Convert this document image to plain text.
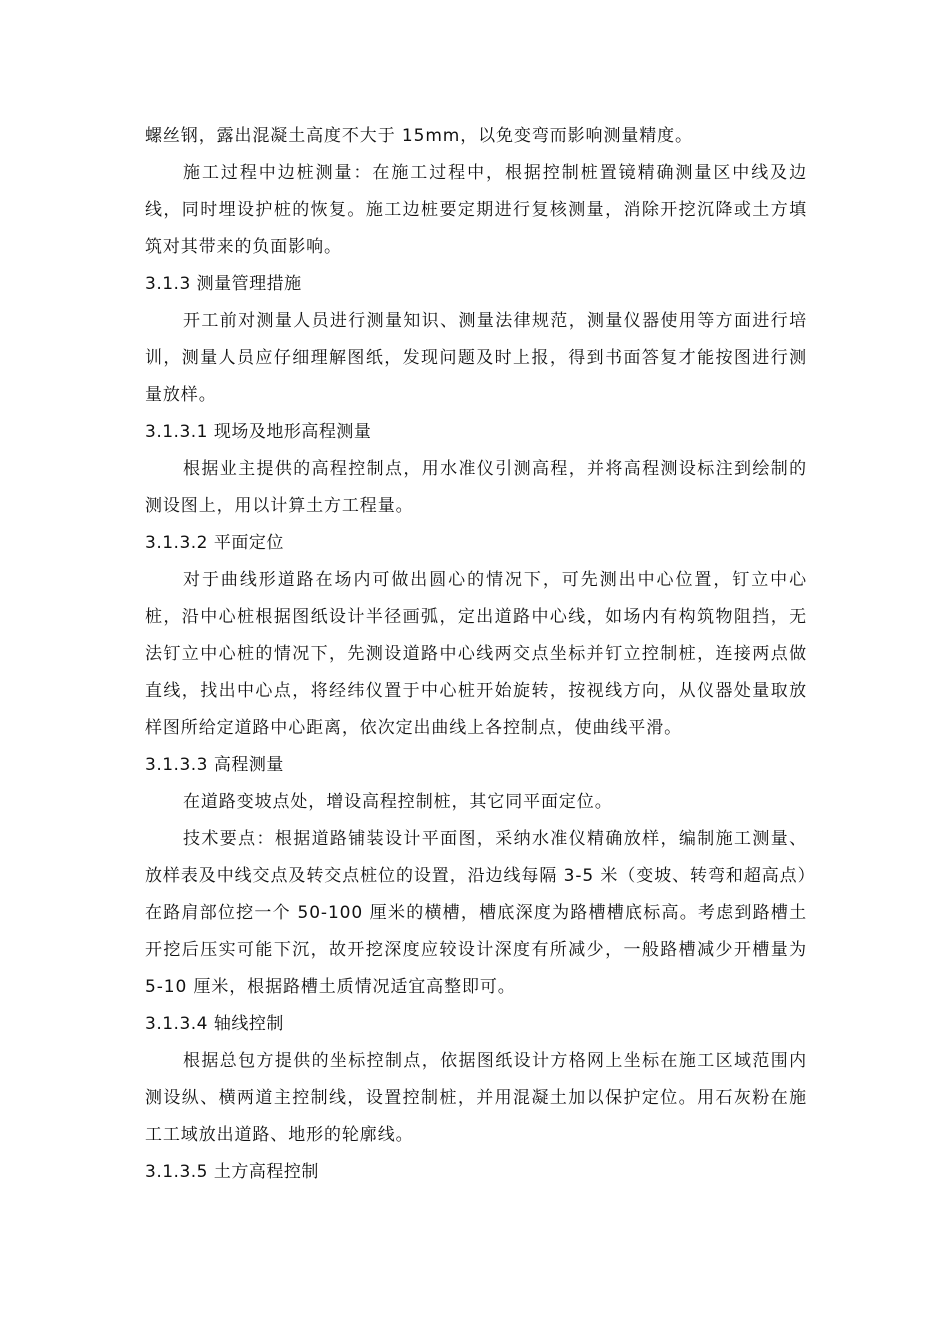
螺丝钢，露出混凝土高度不大于 15mm，以免变弯而影响测量精度。

施工过程中边桩测量：在施工过程中，根据控制桩置镜精确测量区中线及边线，同时埋设护桩的恢复。施工边桩要定期进行复核测量，消除开挖沉降或土方填筑对其带来的负面影响。

3.1.3 测量管理措施

开工前对测量人员进行测量知识、测量法律规范，测量仪器使用等方面进行培训，测量人员应仔细理解图纸，发现问题及时上报，得到书面答复才能按图进行测量放样。

3.1.3.1 现场及地形高程测量

根据业主提供的高程控制点，用水准仪引测高程，并将高程测设标注到绘制的测设图上，用以计算土方工程量。

3.1.3.2 平面定位

对于曲线形道路在场内可做出圆心的情况下，可先测出中心位置，钉立中心桩，沿中心桩根据图纸设计半径画弧，定出道路中心线，如场内有构筑物阻挡，无法钉立中心桩的情况下，先测设道路中心线两交点坐标并钉立控制桩，连接两点做直线，找出中心点，将经纬仪置于中心桩开始旋转，按视线方向，从仪器处量取放样图所给定道路中心距离，依次定出曲线上各控制点，使曲线平滑。

3.1.3.3 高程测量

在道路变坡点处，增设高程控制桩，其它同平面定位。

技术要点：根据道路铺装设计平面图，采纳水准仪精确放样，编制施工测量、放样表及中线交点及转交点桩位的设置，沿边线每隔 3-5 米（变坡、转弯和超高点）在路肩部位挖一个 50-100 厘米的横槽，槽底深度为路槽槽底标高。考虑到路槽土开挖后压实可能下沉，故开挖深度应较设计深度有所减少，一般路槽减少开槽量为 5-10 厘米，根据路槽土质情况适宜高整即可。

3.1.3.4 轴线控制

根据总包方提供的坐标控制点，依据图纸设计方格网上坐标在施工区域范围内测设纵、横两道主控制线，设置控制桩，并用混凝土加以保护定位。用石灰粉在施工工域放出道路、地形的轮廓线。

3.1.3.5 土方高程控制
